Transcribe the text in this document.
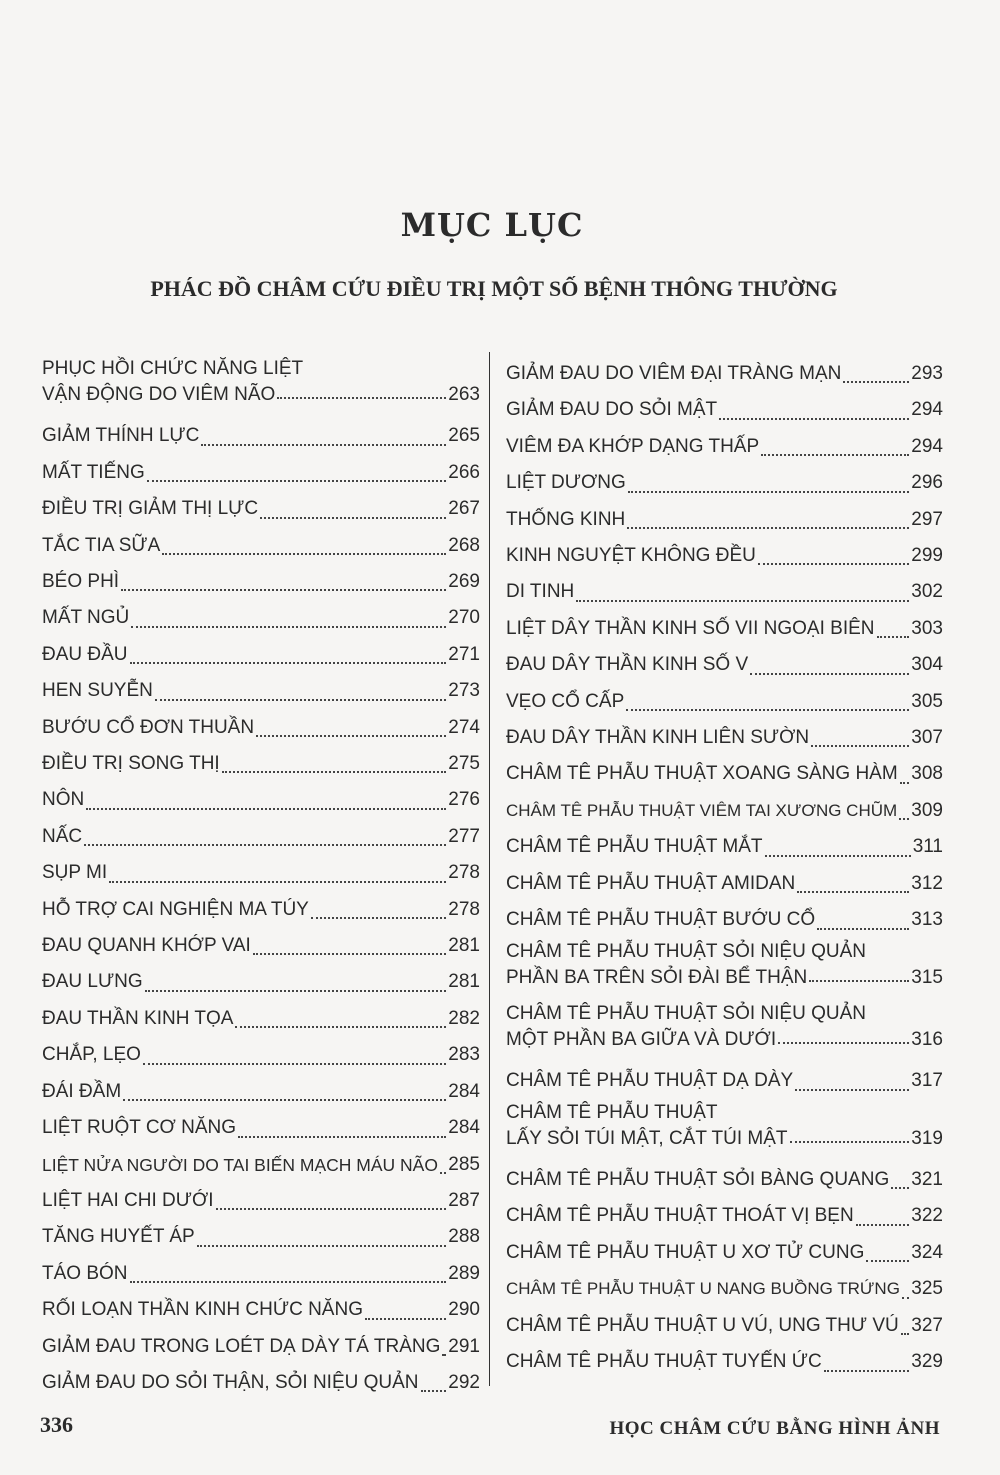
MỤC LỤC
PHÁC ĐỒ CHÂM CỨU ĐIỀU TRỊ MỘT SỐ BỆNH THÔNG THƯỜNG
PHỤC HỒI CHỨC NĂNG LIỆT
VẬN ĐỘNG DO VIÊM NÃO	263
GIẢM THÍNH LỰC	265
MẤT TIẾNG	266
ĐIỀU TRỊ GIẢM THỊ LỰC	267
TẮC TIA SỮA	268
BÉO PHÌ	269
MẤT NGỦ	270
ĐAU ĐẦU	271
HEN SUYỄN	273
BƯỚU CỔ ĐƠN THUẦN	274
ĐIỀU TRỊ SONG THỊ	275
NÔN	276
NẤC	277
SỤP MI	278
HỖ TRỢ CAI NGHIỆN MA TÚY	278
ĐAU QUANH KHỚP VAI	281
ĐAU LƯNG	281
ĐAU THẦN KINH TỌA	282
CHẮP, LẸO	283
ĐÁI ĐẦM	284
LIỆT RUỘT CƠ NĂNG	284
LIỆT NỬA NGƯỜI DO TAI BIẾN MẠCH MÁU NÃO 285
LIỆT HAI CHI DƯỚI	287
TĂNG HUYẾT ÁP	288
TÁO BÓN	289
RỐI LOẠN THẦN KINH CHỨC NĂNG	290
GIẢM ĐAU TRONG LOÉT DẠ DÀY TÁ TRÀNG 291
GIẢM ĐAU DO SỎI THẬN, SỎI NIỆU QUẢN 292
GIẢM ĐAU DO VIÊM ĐẠI TRÀNG MẠN	293
GIẢM ĐAU DO SỎI MẬT	294
VIÊM ĐA KHỚP DẠNG THẤP	294
LIỆT DƯƠNG	296
THỐNG KINH	297
KINH NGUYỆT KHÔNG ĐỀU	299
DI TINH	302
LIỆT DÂY THẦN KINH SỐ VII NGOẠI BIÊN 303
ĐAU DÂY THẦN KINH SỐ V	304
VẸO CỔ CẤP	305
ĐAU DÂY THẦN KINH LIÊN SƯỜN	307
CHÂM TÊ PHẪU THUẬT XOANG SÀNG HÀM 308
CHÂM TÊ PHẪU THUẬT VIÊM TAI XƯƠNG CHŨM 309
CHÂM TÊ PHẪU THUẬT MẮT	311
CHÂM TÊ PHẪU THUẬT AMIDAN	312
CHÂM TÊ PHẪU THUẬT BƯỚU CỔ	313
CHÂM TÊ PHẪU THUẬT SỎI NIỆU QUẢN
PHẦN BA TRÊN SỎI ĐÀI BỂ THẬN	315
CHÂM TÊ PHẪU THUẬT SỎI NIỆU QUẢN
MỘT PHẦN BA GIỮA VÀ DƯỚI	316
CHÂM TÊ PHẪU THUẬT DẠ DÀY	317
CHÂM TÊ PHẪU THUẬT
LẤY SỎI TÚI MẬT, CẮT TÚI MẬT	319
CHÂM TÊ PHẪU THUẬT SỎI BÀNG QUANG 321
CHÂM TÊ PHẪU THUẬT THOÁT VỊ BẸN	322
CHÂM TÊ PHẪU THUẬT U XƠ TỬ CUNG 324
CHÂM TÊ PHẪU THUẬT U NANG BUỒNG TRỨNG 325
CHÂM TÊ PHẪU THUẬT U VÚ, UNG THƯ VÚ 327
CHÂM TÊ PHẪU THUẬT TUYẾN ỨC	329
336	HỌC CHÂM CỨU BẰNG HÌNH ẢNH
